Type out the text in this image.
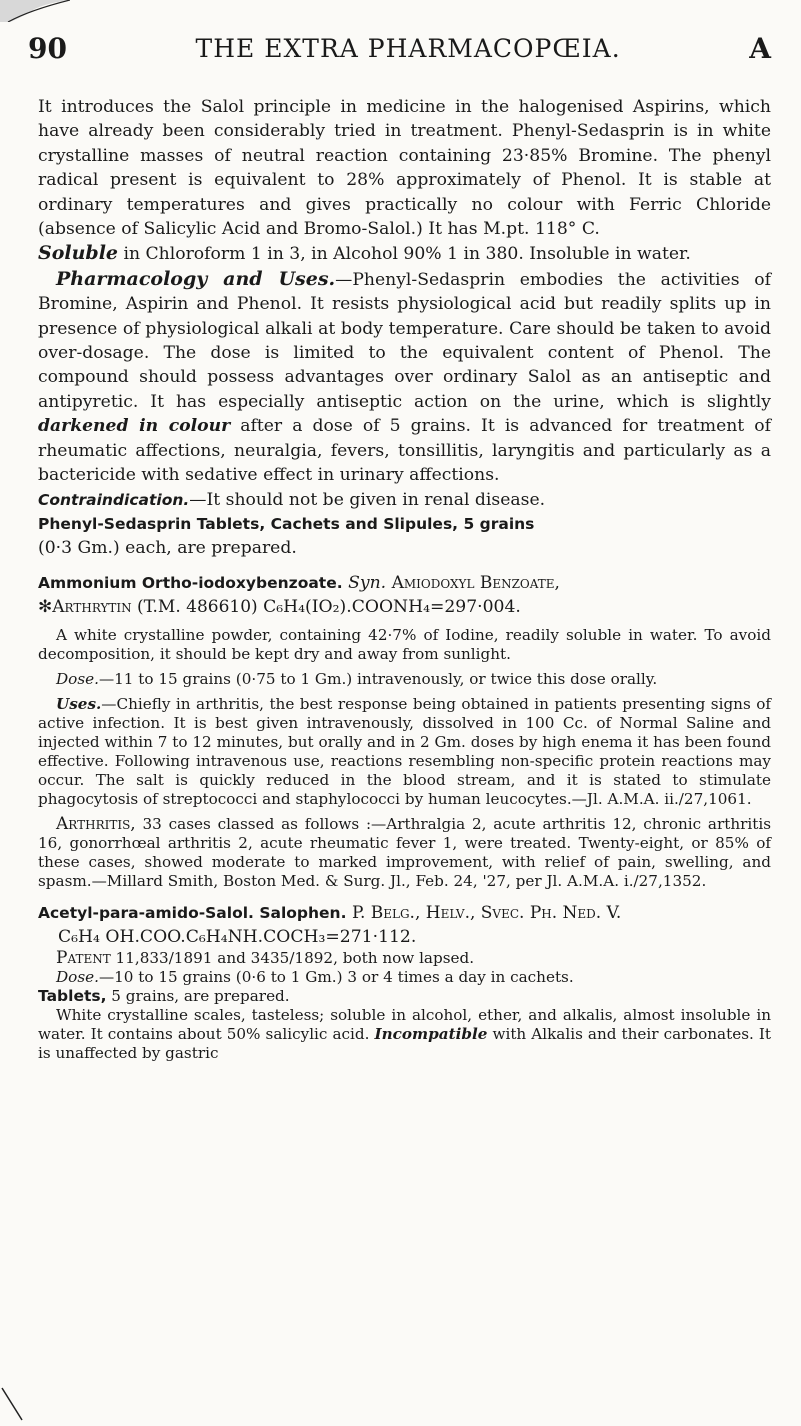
90	THE EXTRA PHARMACOPŒIA.	A

It introduces the Salol principle in medicine in the halogenised Aspirins, which have already been considerably tried in treatment. Phenyl-Sedasprin is in white crystalline masses of neutral reaction containing 23·85% Bromine. The phenyl radical present is equivalent to 28% approximately of Phenol. It is stable at ordinary temperatures and gives practically no colour with Ferric Chloride (absence of Salicylic Acid and Bromo-Salol.) It has M.pt. 118° C.

Soluble in Chloroform 1 in 3, in Alcohol 90% 1 in 380. Insoluble in water.

Pharmacology and Uses.—Phenyl-Sedasprin embodies the activities of Bromine, Aspirin and Phenol. It resists physiological acid but readily splits up in presence of physiological alkali at body temperature. Care should be taken to avoid over-dosage. The dose is limited to the equivalent content of Phenol. The compound should possess advantages over ordinary Salol as an antiseptic and antipyretic. It has especially antiseptic action on the urine, which is slightly darkened in colour after a dose of 5 grains. It is advanced for treatment of rheumatic affections, neuralgia, fevers, tonsillitis, laryngitis and particularly as a bactericide with sedative effect in urinary affections.

Contraindication.—It should not be given in renal disease.

Phenyl-Sedasprin Tablets, Cachets and Slipules, 5 grains
(0·3 Gm.) each, are prepared.

Ammonium Ortho-iodoxybenzoate. Syn. Amiodoxyl Benzoate,
✻Arthrytin (T.M. 486610) C₆H₄(IO₂).COONH₄=297·004.

A white crystalline powder, containing 42·7% of Iodine, readily soluble in water. To avoid decomposition, it should be kept dry and away from sunlight.

Dose.—11 to 15 grains (0·75 to 1 Gm.) intravenously, or twice this dose orally.

Uses.—Chiefly in arthritis, the best response being obtained in patients presenting signs of active infection. It is best given intravenously, dissolved in 100 Cc. of Normal Saline and injected within 7 to 12 minutes, but orally and in 2 Gm. doses by high enema it has been found effective. Following intravenous use, reactions resembling non-specific protein reactions may occur. The salt is quickly reduced in the blood stream, and it is stated to stimulate phagocytosis of streptococci and staphylococci by human leucocytes.—Jl. A.M.A. ii./27,1061.

Arthritis, 33 cases classed as follows :—Arthralgia 2, acute arthritis 12, chronic arthritis 16, gonorrhœal arthritis 2, acute rheumatic fever 1, were treated. Twenty-eight, or 85% of these cases, showed moderate to marked improvement, with relief of pain, swelling, and spasm.—Millard Smith, Boston Med. & Surg. Jl., Feb. 24, '27, per Jl. A.M.A. i./27,1352.

Acetyl-para-amido-Salol. Salophen. P. Belg., Helv., Svec. Ph. Ned. V.

C₆H₄ OH.COO.C₆H₄NH.COCH₃=271·112.

Patent 11,833/1891 and 3435/1892, both now lapsed.

Dose.—10 to 15 grains (0·6 to 1 Gm.) 3 or 4 times a day in cachets.
Tablets, 5 grains, are prepared.

White crystalline scales, tasteless; soluble in alcohol, ether, and alkalis, almost insoluble in water. It contains about 50% salicylic acid. Incompatible with Alkalis and their carbonates. It is unaffected by gastric
